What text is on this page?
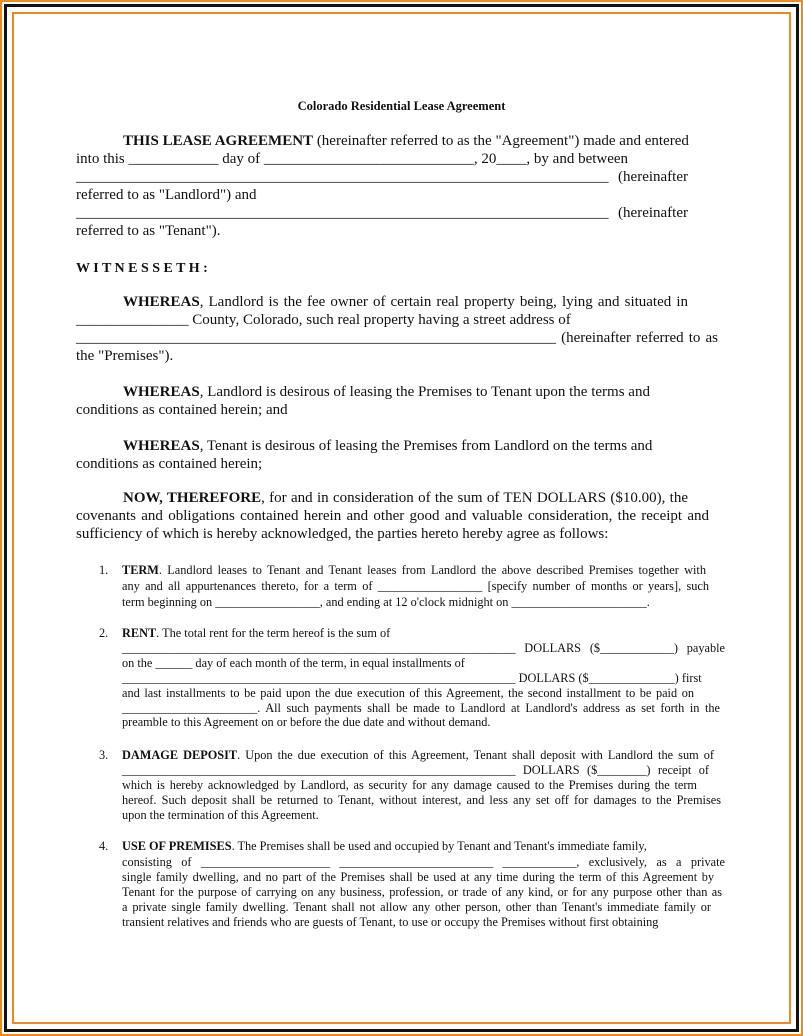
Colorado Residential Lease Agreement
THIS LEASE AGREEMENT (hereinafter referred to as the "Agreement") made and entered
into this ____________ day of ____________________________, 20____, by and between
_______________________________________________________________________ (hereinafter
referred to as "Landlord") and
_______________________________________________________________________ (hereinafter
referred to as "Tenant").
W I T N E S S E T H :
WHEREAS, Landlord is the fee owner of certain real property being, lying and situated in
_______________ County, Colorado, such real property having a street address of
________________________________________________________________ (hereinafter referred to as
the "Premises").
WHEREAS, Landlord is desirous of leasing the Premises to Tenant upon the terms and
conditions as contained herein; and
WHEREAS, Tenant is desirous of leasing the Premises from Landlord on the terms and
conditions as contained herein;
NOW, THEREFORE, for and in consideration of the sum of TEN DOLLARS ($10.00), the
covenants and obligations contained herein and other good and valuable consideration, the receipt and
sufficiency of which is hereby acknowledged, the parties hereto hereby agree as follows:
TERM. Landlord leases to Tenant and Tenant leases from Landlord the above described Premises together with
1.
any and all appurtenances thereto, for a term of _________________ [specify number of months or years], such
term beginning on _________________, and ending at 12 o'clock midnight on ______________________.
RENT. The total rent for the term hereof is the sum of
2.
________________________________________________________________ DOLLARS ($____________) payable
on the ______ day of each month of the term, in equal installments of
________________________________________________________________ DOLLARS ($______________) first
and last installments to be paid upon the due execution of this Agreement, the second installment to be paid on
______________________. All such payments shall be made to Landlord at Landlord's address as set forth in the
preamble to this Agreement on or before the due date and without demand.
DAMAGE DEPOSIT. Upon the due execution of this Agreement, Tenant shall deposit with Landlord the sum of
3.
________________________________________________________________ DOLLARS ($________) receipt of
which is hereby acknowledged by Landlord, as security for any damage caused to the Premises during the term
hereof. Such deposit shall be returned to Tenant, without interest, and less any set off for damages to the Premises
upon the termination of this Agreement.
USE OF PREMISES. The Premises shall be used and occupied by Tenant and Tenant's immediate family,
4.
consisting of _____________________ _________________________ ____________, exclusively, as a private
single family dwelling, and no part of the Premises shall be used at any time during the term of this Agreement by
Tenant for the purpose of carrying on any business, profession, or trade of any kind, or for any purpose other than as
a private single family dwelling. Tenant shall not allow any other person, other than Tenant's immediate family or
transient relatives and friends who are guests of Tenant, to use or occupy the Premises without first obtaining
